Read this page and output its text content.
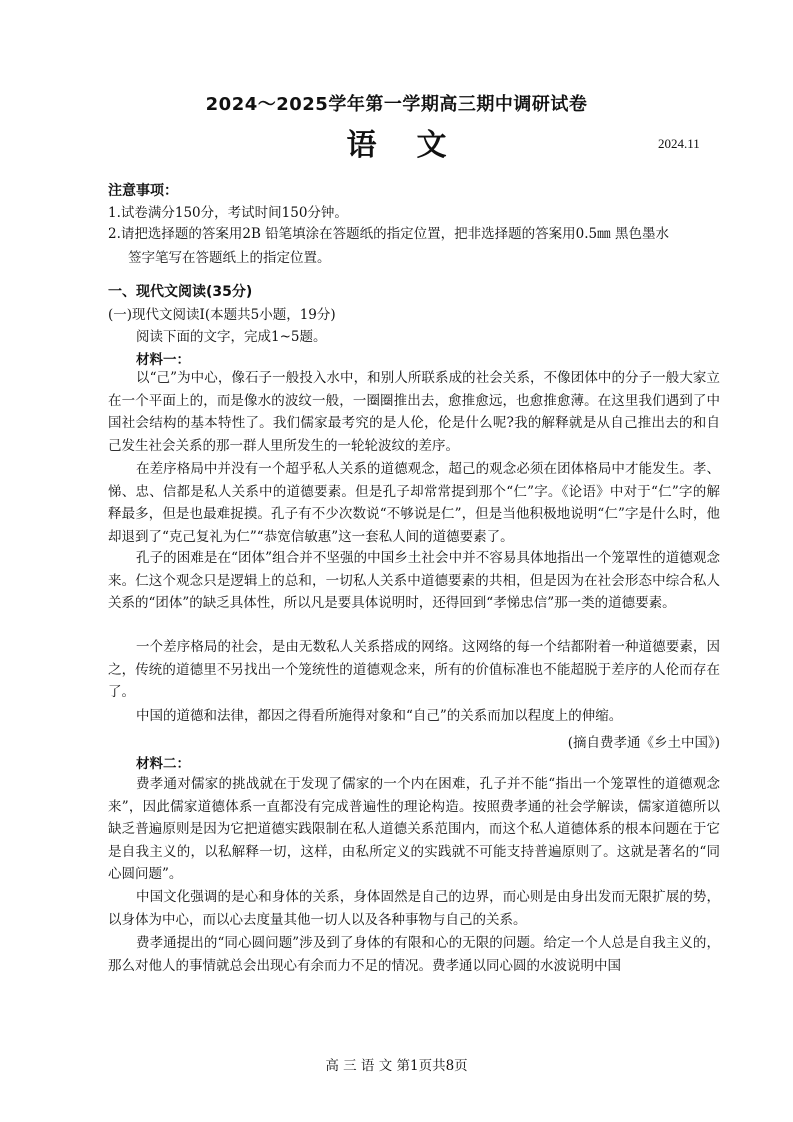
2024～2025学年第一学期高三期中调研试卷
语文	2024.11
注意事项：
1.试卷满分150分，考试时间150分钟。
2.请把选择题的答案用2B 铅笔填涂在答题纸的指定位置，把非选择题的答案用0.5㎜ 黑色墨水
签字笔写在答题纸上的指定位置。
一、现代文阅读(35分)
(一)现代文阅读Ⅰ(本题共5小题，19分)
阅读下面的文字，完成1~5题。
材料一：

以“己”为中心，像石子一般投入水中，和别人所联系成的社会关系，不像团体中的分子一般大家立在一个平面上的，而是像水的波纹一般，一圈圈推出去，愈推愈远，也愈推愈薄。在这里我们遇到了中国社会结构的基本特性了。我们儒家最考究的是人伦，伦是什么呢?我的解释就是从自己推出去的和自己发生社会关系的那一群人里所发生的一轮轮波纹的差序。

在差序格局中并没有一个超乎私人关系的道德观念，超己的观念必须在团体格局中才能发生。孝、悌、忠、信都是私人关系中的道德要素。但是孔子却常常提到那个“仁”字。《论语》中对于“仁”字的解释最多，但是也最难捉摸。孔子有不少次数说“不够说是仁”，但是当他积极地说明“仁”字是什么时，他却退到了“克己复礼为仁”“恭宽信敏惠”这一套私人间的道德要素了。

孔子的困难是在“团体”组合并不坚强的中国乡土社会中并不容易具体地指出一个笼罩性的道德观念来。仁这个观念只是逻辑上的总和，一切私人关系中道德要素的共相，但是因为在社会形态中综合私人关系的“团体”的缺乏具体性，所以凡是要具体说明时，还得回到“孝悌忠信”那一类的道德要素。

一个差序格局的社会，是由无数私人关系搭成的网络。这网络的每一个结都附着一种道德要素，因之，传统的道德里不另找出一个笼统性的道德观念来，所有的价值标准也不能超脱于差序的人伦而存在了。

中国的道德和法律，都因之得看所施得对象和“自己”的关系而加以程度上的伸缩。

(摘自费孝通《乡土中国》)
材料二：

费孝通对儒家的挑战就在于发现了儒家的一个内在困难，孔子并不能“指出一个笼罩性的道德观念来”，因此儒家道德体系一直都没有完成普遍性的理论构造。按照费孝通的社会学解读，儒家道德所以缺乏普遍原则是因为它把道德实践限制在私人道德关系范围内，而这个私人道德体系的根本问题在于它是自我主义的，以私解释一切，这样，由私所定义的实践就不可能支持普遍原则了。这就是著名的“同心圆问题”。

中国文化强调的是心和身体的关系，身体固然是自己的边界，而心则是由身出发而无限扩展的势，以身体为中心，而以心去度量其他一切人以及各种事物与自己的关系。

费孝通提出的“同心圆问题”涉及到了身体的有限和心的无限的问题。给定一个人总是自我主义的，那么对他人的事情就总会出现心有余而力不足的情况。费孝通以同心圆的水波说明中国

高 三 语 文 第1页共8页
